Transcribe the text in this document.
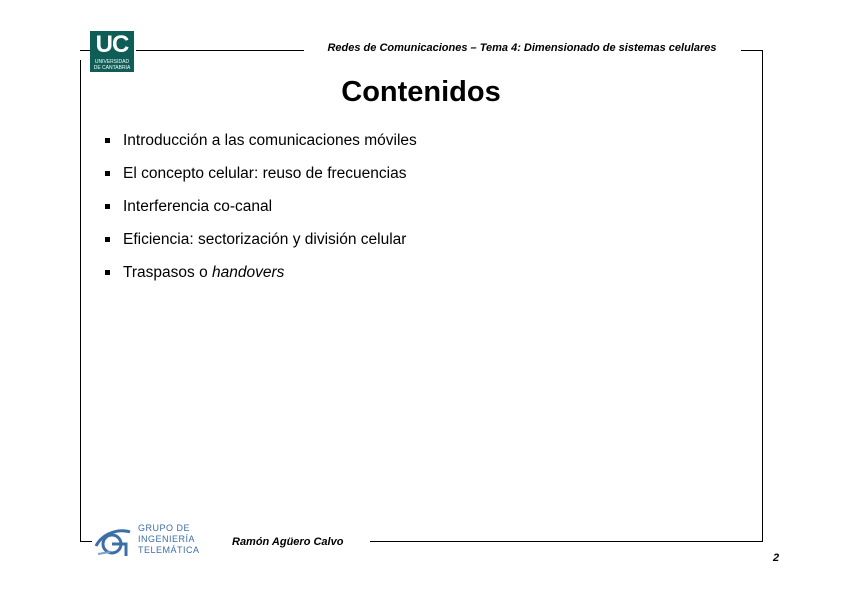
UC
UNIVERSIDAD
DE CANTABRIA
Redes de Comunicaciones – Tema 4: Dimensionado de sistemas celulares
Contenidos
Introducción a las comunicaciones móviles
El concepto celular: reuso de frecuencias
Interferencia co-canal
Eficiencia: sectorización y división celular
Traspasos o handovers
GRUPO DE
INGENIERÍA
TELEMÁTICA
Ramón Agüero Calvo
2
